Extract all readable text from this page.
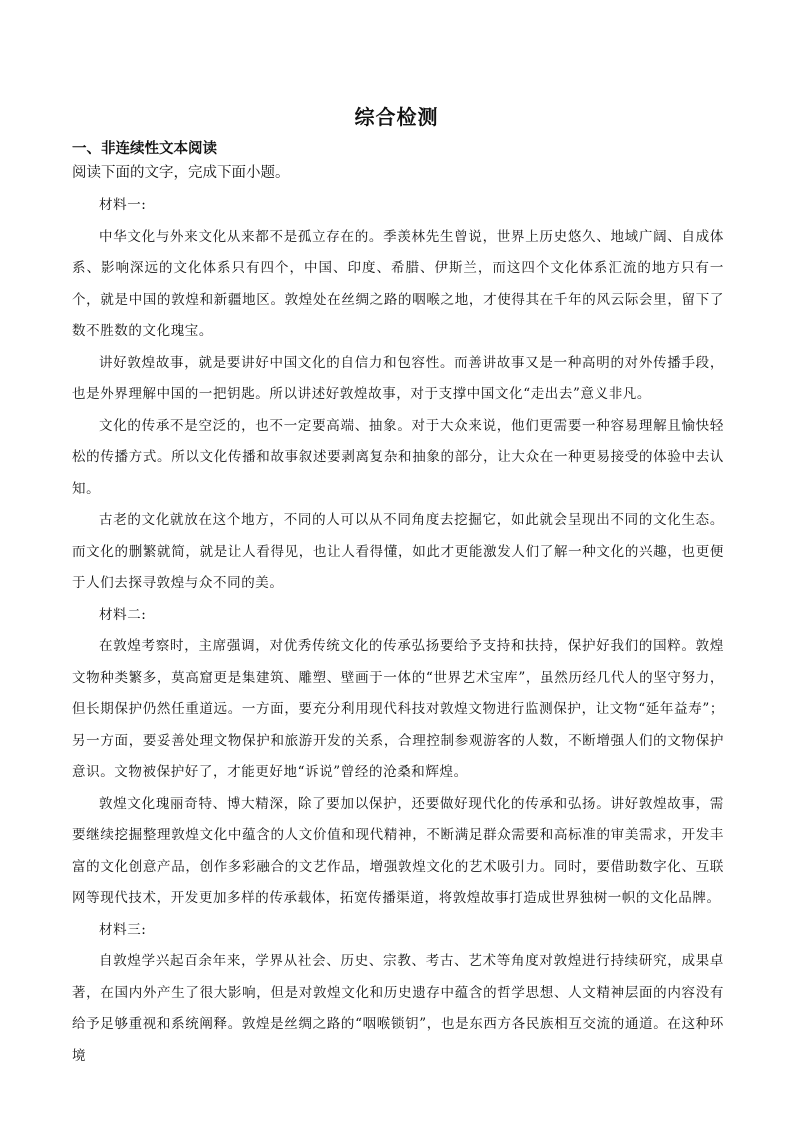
综合检测
一、非连续性文本阅读
阅读下面的文字，完成下面小题。

材料一:

中华文化与外来文化从来都不是孤立存在的。季羡林先生曾说，世界上历史悠久、地域广阔、自成体系、影响深远的文化体系只有四个，中国、印度、希腊、伊斯兰，而这四个文化体系汇流的地方只有一个，就是中国的敦煌和新疆地区。敦煌处在丝绸之路的咽喉之地，才使得其在千年的风云际会里，留下了数不胜数的文化瑰宝。

讲好敦煌故事，就是要讲好中国文化的自信力和包容性。而善讲故事又是一种高明的对外传播手段，也是外界理解中国的一把钥匙。所以讲述好敦煌故事，对于支撑中国文化“走出去”意义非凡。

文化的传承不是空泛的，也不一定要高端、抽象。对于大众来说，他们更需要一种容易理解且愉快轻松的传播方式。所以文化传播和故事叙述要剥离复杂和抽象的部分，让大众在一种更易接受的体验中去认知。

古老的文化就放在这个地方，不同的人可以从不同角度去挖掘它，如此就会呈现出不同的文化生态。而文化的删繁就简，就是让人看得见，也让人看得懂，如此才更能激发人们了解一种文化的兴趣，也更便于人们去探寻敦煌与众不同的美。

材料二:

在敦煌考察时，主席强调，对优秀传统文化的传承弘扬要给予支持和扶持，保护好我们的国粹。敦煌文物种类繁多，莫高窟更是集建筑、雕塑、壁画于一体的“世界艺术宝库”，虽然历经几代人的坚守努力，但长期保护仍然任重道远。一方面，要充分利用现代科技对敦煌文物进行监测保护，让文物“延年益寿”；另一方面，要妥善处理文物保护和旅游开发的关系，合理控制参观游客的人数，不断增强人们的文物保护意识。文物被保护好了，才能更好地“诉说”曾经的沧桑和辉煌。

敦煌文化瑰丽奇特、博大精深，除了要加以保护，还要做好现代化的传承和弘扬。讲好敦煌故事，需要继续挖掘整理敦煌文化中蕴含的人文价值和现代精神，不断满足群众需要和高标准的审美需求，开发丰富的文化创意产品，创作多彩融合的文艺作品，增强敦煌文化的艺术吸引力。同时，要借助数字化、互联网等现代技术，开发更加多样的传承载体，拓宽传播渠道，将敦煌故事打造成世界独树一帜的文化品牌。

材料三:

自敦煌学兴起百余年来，学界从社会、历史、宗教、考古、艺术等角度对敦煌进行持续研究，成果卓著，在国内外产生了很大影响，但是对敦煌文化和历史遗存中蕴含的哲学思想、人文精神层面的内容没有给予足够重视和系统阐释。敦煌是丝绸之路的“咽喉锁钥”，也是东西方各民族相互交流的通道。在这种环境
